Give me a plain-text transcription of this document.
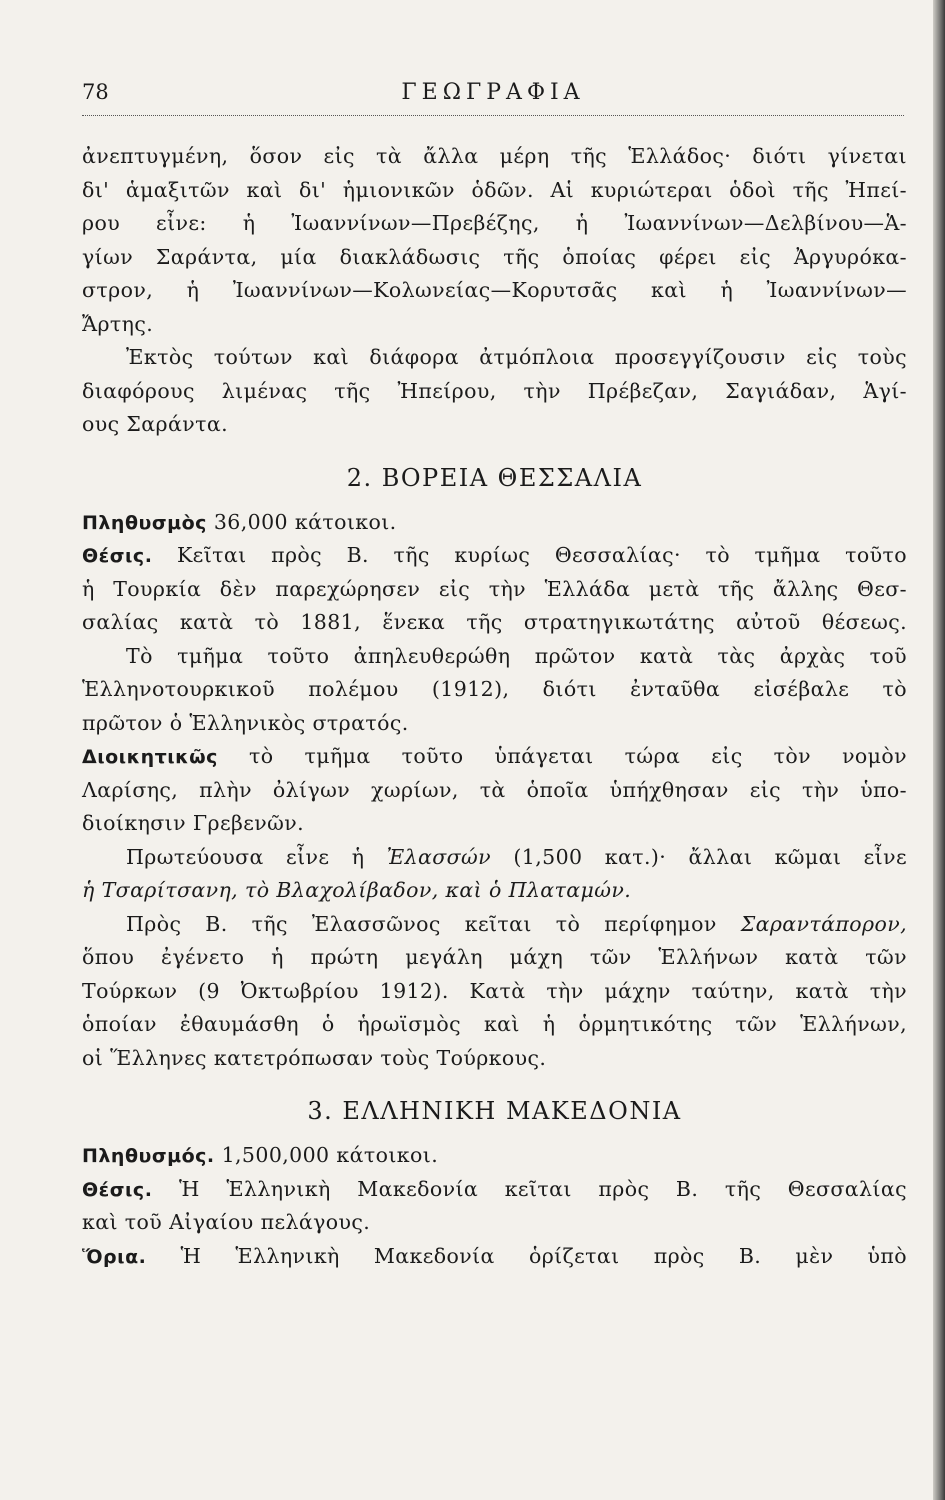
78	ΓΕΩΓΡΑΦΙΑ
ἀνεπτυγμένη, ὅσον εἰς τὰ ἄλλα μέρη τῆς Ἑλλάδος· διότι γίνεται
δι' ἁμαξιτῶν καὶ δι' ἡμιονικῶν ὁδῶν. Αἱ κυριώτεραι ὁδοὶ τῆς Ἠπεί-
ρου εἶνε: ἡ Ἰωαννίνων—Πρεβέζης, ἡ Ἰωαννίνων—Δελβίνου—Ἁ-
γίων Σαράντα, μία διακλάδωσις τῆς ὁποίας φέρει εἰς Ἀργυρόκα-
στρον, ἡ Ἰωαννίνων—Κολωνείας—Κορυτσᾶς καὶ ἡ Ἰωαννίνων—
Ἄρτης.
Ἐκτὸς τούτων καὶ διάφορα ἀτμόπλοια προσεγγίζουσιν εἰς τοὺς
διαφόρους λιμένας τῆς Ἠπείρου, τὴν Πρέβεζαν, Σαγιάδαν, Ἁγί-
ους Σαράντα.
2. ΒΟΡΕΙΑ ΘΕΣΣΑΛΙΑ
Πληθυσμὸς 36,000 κάτοικοι.
Θέσις. Κεῖται πρὸς Β. τῆς κυρίως Θεσσαλίας· τὸ τμῆμα τοῦτο
ἡ Τουρκία δὲν παρεχώρησεν εἰς τὴν Ἑλλάδα μετὰ τῆς ἄλλης Θεσ-
σαλίας κατὰ τὸ 1881, ἕνεκα τῆς στρατηγικωτάτης αὐτοῦ θέσεως.
Τὸ τμῆμα τοῦτο ἀπηλευθερώθη πρῶτον κατὰ τὰς ἀρχὰς τοῦ
Ἑλληνοτουρκικοῦ πολέμου (1912), διότι ἐνταῦθα εἰσέβαλε τὸ
πρῶτον ὁ Ἑλληνικὸς στρατός.
Διοικητικῶς τὸ τμῆμα τοῦτο ὑπάγεται τώρα εἰς τὸν νομὸν
Λαρίσης, πλὴν ὀλίγων χωρίων, τὰ ὁποῖα ὑπήχθησαν εἰς τὴν ὑπο-
διοίκησιν Γρεβενῶν.
Πρωτεύουσα εἶνε ἡ Ἐλασσών (1,500 κατ.)· ἄλλαι κῶμαι εἶνε
ἡ Τσαρίτσανη, τὸ Βλαχολίβαδον, καὶ ὁ Πλαταμών.
Πρὸς Β. τῆς Ἐλασσῶνος κεῖται τὸ περίφημον Σαραντάπορον,
ὅπου ἐγένετο ἡ πρώτη μεγάλη μάχη τῶν Ἑλλήνων κατὰ τῶν
Τούρκων (9 Ὀκτωβρίου 1912). Κατὰ τὴν μάχην ταύτην, κατὰ τὴν
ὁποίαν ἐθαυμάσθη ὁ ἡρωϊσμὸς καὶ ἡ ὁρμητικότης τῶν Ἑλλήνων,
οἱ Ἕλληνες κατετρόπωσαν τοὺς Τούρκους.
3. ΕΛΛΗΝΙΚΗ ΜΑΚΕΔΟΝΙΑ
Πληθυσμός. 1,500,000 κάτοικοι.
Θέσις. Ἡ Ἑλληνικὴ Μακεδονία κεῖται πρὸς Β. τῆς Θεσσαλίας
καὶ τοῦ Αἰγαίου πελάγους.
Ὅρια. Ἡ Ἑλληνικὴ Μακεδονία ὁρίζεται πρὸς Β. μὲν ὑπὸ
